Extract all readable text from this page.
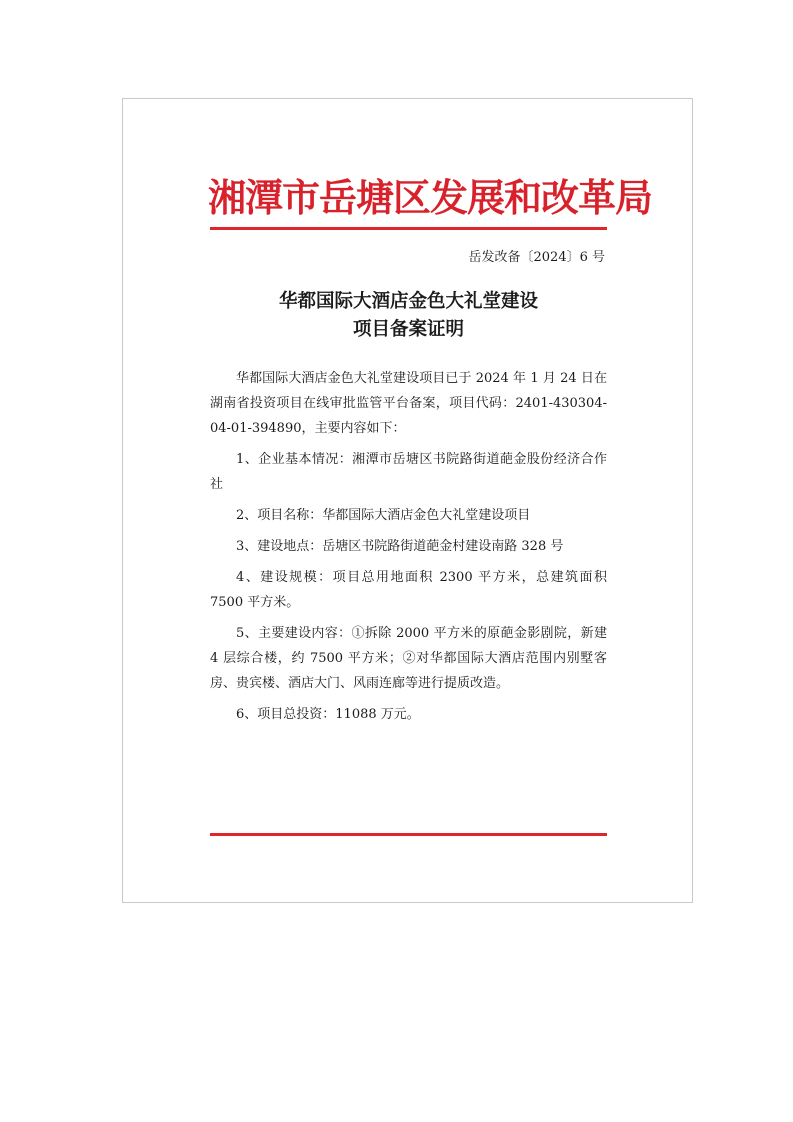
湘潭市岳塘区发展和改革局
岳发改备〔2024〕6 号
华都国际大酒店金色大礼堂建设
项目备案证明

华都国际大酒店金色大礼堂建设项目已于 2024 年 1 月 24 日在湖南省投资项目在线审批监管平台备案，项目代码：2401-430304-04-01-394890，主要内容如下：

1、企业基本情况：湘潭市岳塘区书院路街道葩金股份经济合作社

2、项目名称：华都国际大酒店金色大礼堂建设项目

3、建设地点：岳塘区书院路街道葩金村建设南路 328 号

4、建设规模：项目总用地面积 2300 平方米，总建筑面积 7500 平方米。

5、主要建设内容：①拆除 2000 平方米的原葩金影剧院，新建 4 层综合楼，约 7500 平方米；②对华都国际大酒店范围内别墅客房、贵宾楼、酒店大门、风雨连廊等进行提质改造。

6、项目总投资：11088 万元。
